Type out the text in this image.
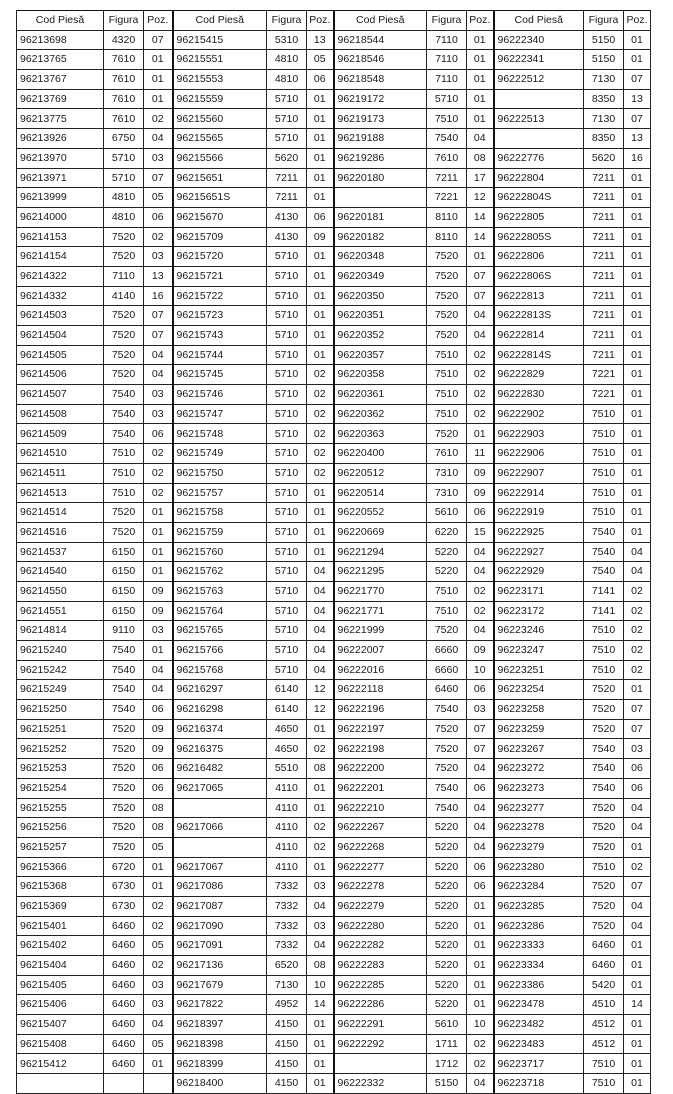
Cod Piesă	Figura	Poz.	Cod Piesă	Figura	Poz.	Cod Piesă	Figura	Poz.	Cod Piesă	Figura	Poz.
96213698	4320	07	96215415	5310	13	96218544	7110	01	96222340	5150	01
96213765	7610	01	96215551	4810	05	96218546	7110	01	96222341	5150	01
96213767	7610	01	96215553	4810	06	96218548	7110	01	96222512	7130	07
96213769	7610	01	96215559	5710	01	96219172	5710	01		8350	13
96213775	7610	02	96215560	5710	01	96219173	7510	01	96222513	7130	07
96213926	6750	04	96215565	5710	01	96219188	7540	04		8350	13
96213970	5710	03	96215566	5620	01	96219286	7610	08	96222776	5620	16
96213971	5710	07	96215651	7211	01	96220180	7211	17	96222804	7211	01
96213999	4810	05	96215651S	7211	01		7221	12	96222804S	7211	01
96214000	4810	06	96215670	4130	06	96220181	8110	14	96222805	7211	01
96214153	7520	02	96215709	4130	09	96220182	8110	14	96222805S	7211	01
96214154	7520	03	96215720	5710	01	96220348	7520	01	96222806	7211	01
96214322	7110	13	96215721	5710	01	96220349	7520	07	96222806S	7211	01
96214332	4140	16	96215722	5710	01	96220350	7520	07	96222813	7211	01
96214503	7520	07	96215723	5710	01	96220351	7520	04	96222813S	7211	01
96214504	7520	07	96215743	5710	01	96220352	7520	04	96222814	7211	01
96214505	7520	04	96215744	5710	01	96220357	7510	02	96222814S	7211	01
96214506	7520	04	96215745	5710	02	96220358	7510	02	96222829	7221	01
96214507	7540	03	96215746	5710	02	96220361	7510	02	96222830	7221	01
96214508	7540	03	96215747	5710	02	96220362	7510	02	96222902	7510	01
96214509	7540	06	96215748	5710	02	96220363	7520	01	96222903	7510	01
96214510	7510	02	96215749	5710	02	96220400	7610	11	96222906	7510	01
96214511	7510	02	96215750	5710	02	96220512	7310	09	96222907	7510	01
96214513	7510	02	96215757	5710	01	96220514	7310	09	96222914	7510	01
96214514	7520	01	96215758	5710	01	96220552	5610	06	96222919	7510	01
96214516	7520	01	96215759	5710	01	96220669	6220	15	96222925	7540	01
96214537	6150	01	96215760	5710	01	96221294	5220	04	96222927	7540	04
96214540	6150	01	96215762	5710	04	96221295	5220	04	96222929	7540	04
96214550	6150	09	96215763	5710	04	96221770	7510	02	96223171	7141	02
96214551	6150	09	96215764	5710	04	96221771	7510	02	96223172	7141	02
96214814	9110	03	96215765	5710	04	96221999	7520	04	96223246	7510	02
96215240	7540	01	96215766	5710	04	96222007	6660	09	96223247	7510	02
96215242	7540	04	96215768	5710	04	96222016	6660	10	96223251	7510	02
96215249	7540	04	96216297	6140	12	96222118	6460	06	96223254	7520	01
96215250	7540	06	96216298	6140	12	96222196	7540	03	96223258	7520	07
96215251	7520	09	96216374	4650	01	96222197	7520	07	96223259	7520	07
96215252	7520	09	96216375	4650	02	96222198	7520	07	96223267	7540	03
96215253	7520	06	96216482	5510	08	96222200	7520	04	96223272	7540	06
96215254	7520	06	96217065	4110	01	96222201	7540	06	96223273	7540	06
96215255	7520	08		4110	01	96222210	7540	04	96223277	7520	04
96215256	7520	08	96217066	4110	02	96222267	5220	04	96223278	7520	04
96215257	7520	05		4110	02	96222268	5220	04	96223279	7520	01
96215366	6720	01	96217067	4110	01	96222277	5220	06	96223280	7510	02
96215368	6730	01	96217086	7332	03	96222278	5220	06	96223284	7520	07
96215369	6730	02	96217087	7332	04	96222279	5220	01	96223285	7520	04
96215401	6460	02	96217090	7332	03	96222280	5220	01	96223286	7520	04
96215402	6460	05	96217091	7332	04	96222282	5220	01	96223333	6460	01
96215404	6460	02	96217136	6520	08	96222283	5220	01	96223334	6460	01
96215405	6460	03	96217679	7130	10	96222285	5220	01	96223386	5420	01
96215406	6460	03	96217822	4952	14	96222286	5220	01	96223478	4510	14
96215407	6460	04	96218397	4150	01	96222291	5610	10	96223482	4512	01
96215408	6460	05	96218398	4150	01	96222292	1711	02	96223483	4512	01
96215412	6460	01	96218399	4150	01		1712	02	96223717	7510	01
			96218400	4150	01	96222332	5150	04	96223718	7510	01
